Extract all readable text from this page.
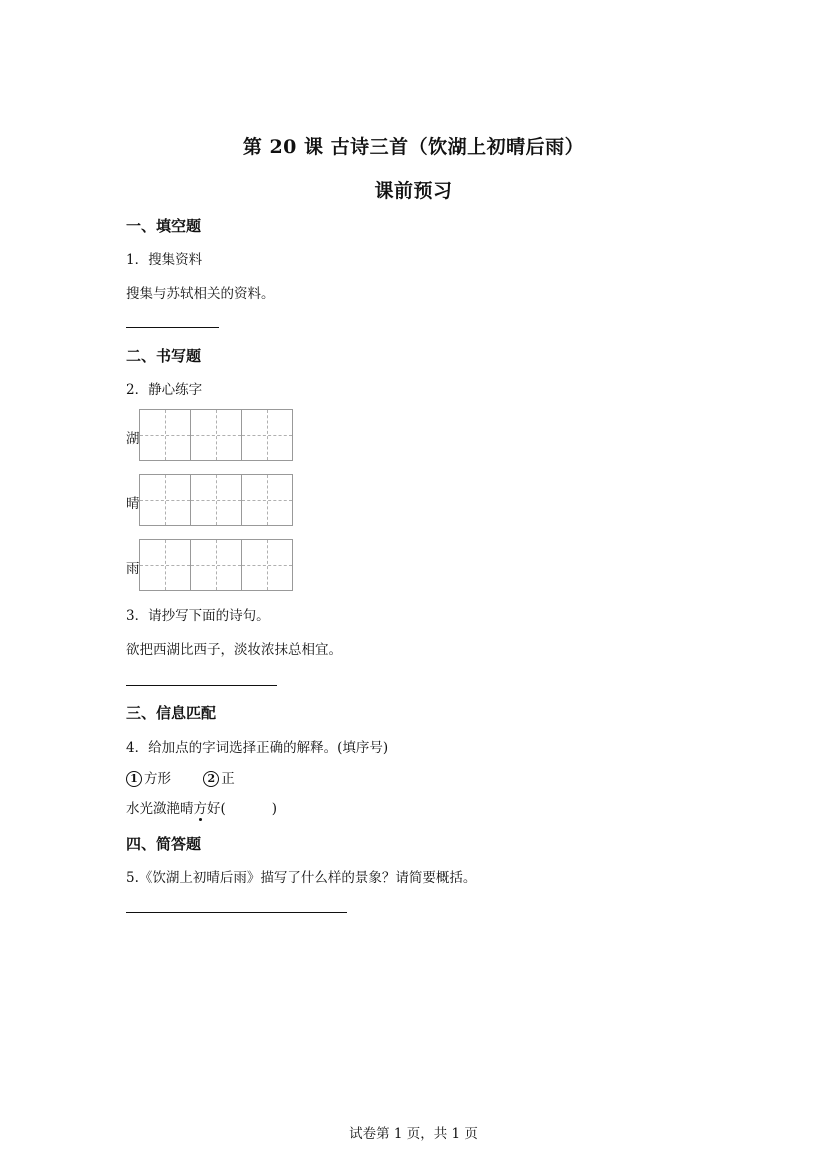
第 20 课 古诗三首（饮湖上初晴后雨）
课前预习
一、填空题
1．搜集资料
搜集与苏轼相关的资料。
二、书写题
2．静心练字
湖
晴
雨
3．请抄写下面的诗句。
欲把西湖比西子，淡妆浓抹总相宜。
三、信息匹配
4．给加点的字词选择正确的解释。(填序号)
1 方形	2 正
水光潋滟晴方好(	)
四、简答题
5.《饮湖上初晴后雨》描写了什么样的景象？请简要概括。
试卷第 1 页，共 1 页
